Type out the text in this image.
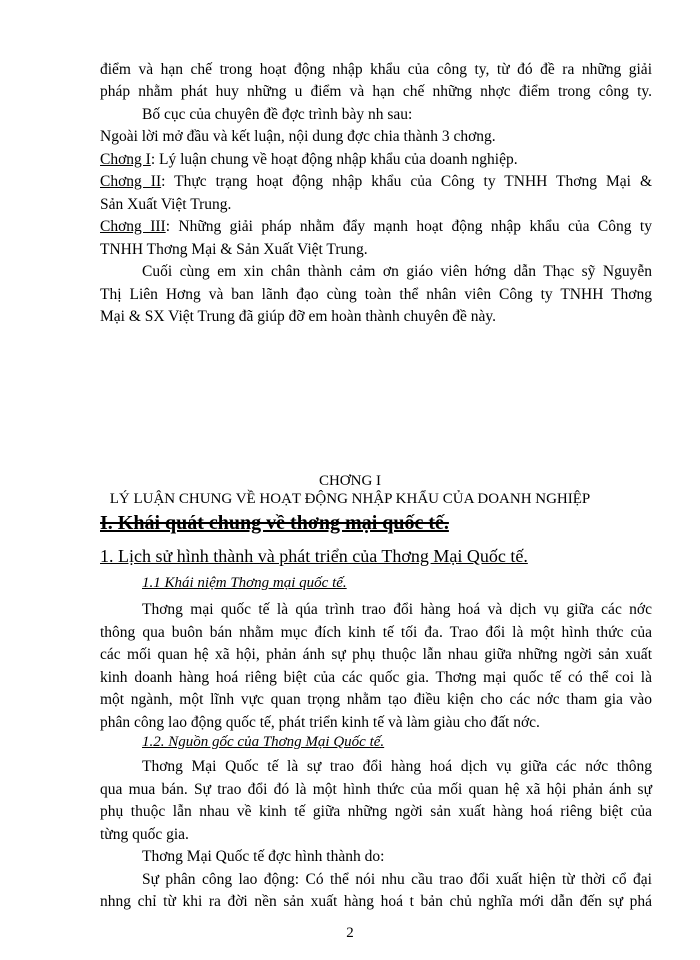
điểm và hạn chế trong hoạt động nhập khẩu của công ty, từ đó đề ra những giải
pháp nhằm phát huy những u điểm và hạn chế những nhợc điểm trong công ty.
Bố cục của chuyên đề đợc trình bày nh sau:
Ngoài lời mở đầu và kết luận, nội dung đợc chia thành 3 chơng.
Chơng I: Lý luận chung về hoạt động nhập khẩu của doanh nghiệp.
Chơng II: Thực trạng hoạt động nhập khẩu của Công ty TNHH Thơng Mại &
Sản Xuất Việt Trung.
Chơng III: Những giải pháp nhằm đẩy mạnh hoạt động nhập khẩu của Công ty
TNHH Thơng Mại & Sản Xuất Việt Trung.
Cuối cùng em xin chân thành cảm ơn giáo viên hớng dẫn Thạc sỹ Nguyễn
Thị Liên Hơng và ban lãnh đạo cùng toàn thể nhân viên Công ty TNHH Thơng
Mại & SX Việt Trung đã giúp đỡ em hoàn thành chuyên đề này.
CHƠNG I
LÝ LUẬN CHUNG VỀ HOẠT ĐỘNG NHẬP KHẨU CỦA DOANH NGHIỆP
I. Khái quát chung về thơng mại quốc tế.
1. Lịch sử hình thành và phát triển của Thơng Mại Quốc tế.
1.1 Khái niệm Thơng mại quốc tế.
Thơng mại quốc tế là qúa trình trao đổi hàng hoá và dịch vụ giữa các nớc
thông qua buôn bán nhằm mục đích kinh tế tối đa. Trao đổi là một hình thức của
các mối quan hệ xã hội, phản ánh sự phụ thuộc lẫn nhau giữa những ngời sản xuất
kinh doanh hàng hoá riêng biệt của các quốc gia. Thơng mại quốc tế có thể coi là
một ngành, một lĩnh vực quan trọng nhằm tạo điều kiện cho các nớc tham gia vào
phân công lao động quốc tế, phát triển kinh tế và làm giàu cho đất nớc.
1.2. Nguồn gốc của Thơng Mại Quốc tế.
Thơng Mại Quốc tế là sự trao đổi hàng hoá dịch vụ giữa các nớc thông
qua mua bán. Sự trao đổi đó là một hình thức của mối quan hệ xã hội phản ánh sự
phụ thuộc lẫn nhau về kinh tế giữa những ngời sản xuất hàng hoá riêng biệt của
từng quốc gia.
Thơng Mại Quốc tế đợc hình thành do:
Sự phân công lao động: Có thể nói nhu cầu trao đổi xuất hiện từ thời cổ đại
nhng chỉ từ khi ra đời nền sản xuất hàng hoá t bản chủ nghĩa mới dẫn đến sự phá
2
